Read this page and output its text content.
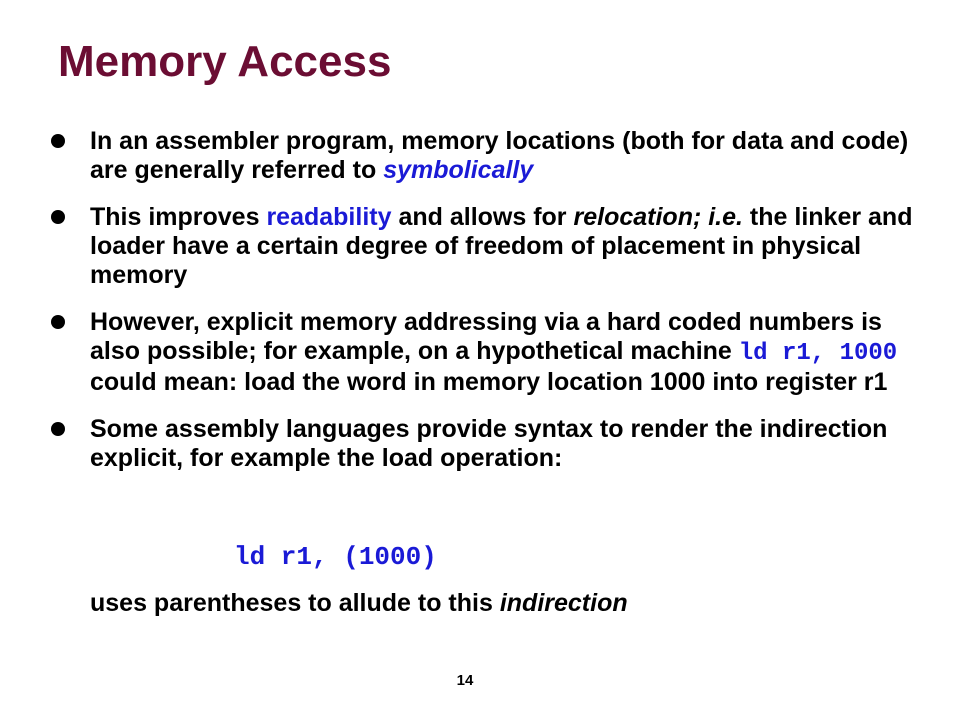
Memory Access
In an assembler program, memory locations (both for data and code) are generally referred to symbolically
This improves readability and allows for relocation; i.e. the linker and loader have a certain degree of freedom of placement in physical memory
However, explicit memory addressing via a hard coded numbers is also possible; for example, on a hypothetical machine ld r1, 1000 could mean: load the word in memory location 1000 into register r1
Some assembly languages provide syntax to render the indirection explicit, for example the load operation:

ld r1, (1000)

uses parentheses to allude to this indirection

14
